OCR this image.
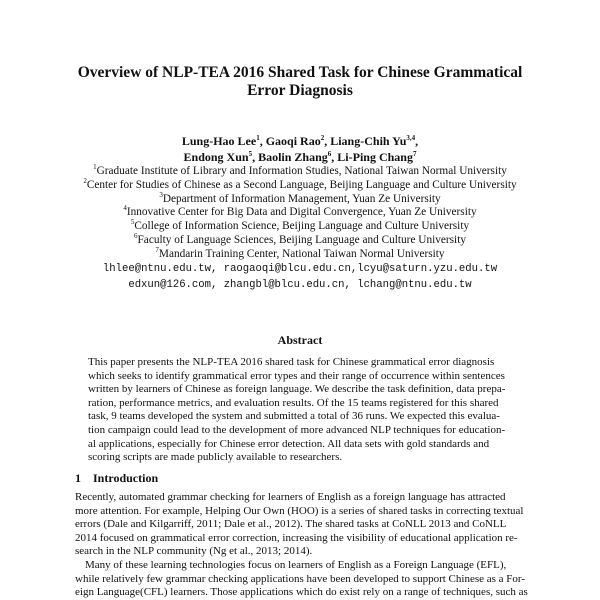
Overview of NLP-TEA 2016 Shared Task for Chinese Grammatical
Error Diagnosis
Lung-Hao Lee$^1$, Gaoqi Rao$^2$, Liang-Chih Yu$^{3,4}$,
Endong Xun$^5$, Baolin Zhang$^6$, Li-Ping Chang$^7$
$^1$Graduate Institute of Library and Information Studies, National Taiwan Normal University
$^2$Center for Studies of Chinese as a Second Language, Beijing Language and Culture University
$^3$Department of Information Management, Yuan Ze University
$^4$Innovative Center for Big Data and Digital Convergence, Yuan Ze University
$^5$College of Information Science, Beijing Language and Culture University
$^6$Faculty of Language Sciences, Beijing Language and Culture University
$^7$Mandarin Training Center, National Taiwan Normal University
lhlee@ntnu.edu.tw, raogaoqi@blcu.edu.cn,lcyu@saturn.yzu.edu.tw
edxun@126.com, zhangbl@blcu.edu.cn, lchang@ntnu.edu.tw
Abstract
This paper presents the NLP-TEA 2016 shared task for Chinese grammatical error diagnosis
which seeks to identify grammatical error types and their range of occurrence within sentences
written by learners of Chinese as foreign language. We describe the task definition, data prepa-
ration, performance metrics, and evaluation results. Of the 15 teams registered for this shared
task, 9 teams developed the system and submitted a total of 36 runs. We expected this evalua-
tion campaign could lead to the development of more advanced NLP techniques for education-
al applications, especially for Chinese error detection. All data sets with gold standards and
scoring scripts are made publicly available to researchers.
1 Introduction
Recently, automated grammar checking for learners of English as a foreign language has attracted
more attention. For example, Helping Our Own (HOO) is a series of shared tasks in correcting textual
errors (Dale and Kilgarriff, 2011; Dale et al., 2012). The shared tasks at CoNLL 2013 and CoNLL
2014 focused on grammatical error correction, increasing the visibility of educational application re-
search in the NLP community (Ng et al., 2013; 2014).
Many of these learning technologies focus on learners of English as a Foreign Language (EFL),
while relatively few grammar checking applications have been developed to support Chinese as a For-
eign Language(CFL) learners. Those applications which do exist rely on a range of techniques, such as
